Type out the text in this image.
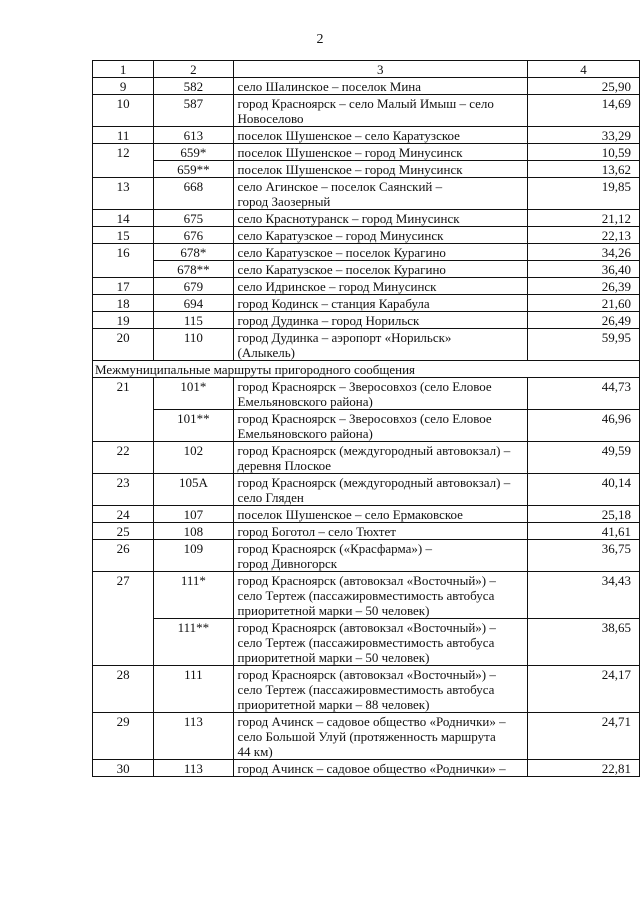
2
1	2	3	4
9	582	село Шалинское – поселок Мина	25,90
10	587	город Красноярск – село Малый Имыш – село
Новоселово	14,69
11	613	поселок Шушенское – село Каратузское	33,29
12	659*	поселок Шушенское – город Минусинск	10,59
	659**	поселок Шушенское – город Минусинск	13,62
13	668	село Агинское – поселок Саянский –
город Заозерный	19,85
14	675	село Краснотуранск – город Минусинск	21,12
15	676	село Каратузское – город Минусинск	22,13
16	678*	село Каратузское – поселок Курагино	34,26
	678**	село Каратузское – поселок Курагино	36,40
17	679	село Идринское – город Минусинск	26,39
18	694	город Кодинск – станция Карабула	21,60
19	115	город Дудинка – город Норильск	26,49
20	110	город Дудинка – аэропорт «Норильск»
(Алыкель)	59,95
Межмуниципальные маршруты пригородного сообщения			
21	101*	город Красноярск – Зверосовхоз (село Еловое
Емельяновского района)	44,73
	101**	город Красноярск – Зверосовхоз (село Еловое
Емельяновского района)	46,96
22	102	город Красноярск (междугородный автовокзал) –
деревня Плоское	49,59
23	105А	город Красноярск (междугородный автовокзал) –
село Гляден	40,14
24	107	поселок Шушенское – село Ермаковское	25,18
25	108	город Боготол – село Тюхтет	41,61
26	109	город Красноярск («Красфарма») –
город Дивногорск	36,75
27	111*	город Красноярск (автовокзал «Восточный») –
село Тертеж (пассажировместимость автобуса
приоритетной марки – 50 человек)	34,43
	111**	город Красноярск (автовокзал «Восточный») –
село Тертеж (пассажировместимость автобуса
приоритетной марки – 50 человек)	38,65
28	111	город Красноярск (автовокзал «Восточный») –
село Тертеж (пассажировместимость автобуса
приоритетной марки – 88 человек)	24,17
29	113	город Ачинск – садовое общество «Роднички» –
село Большой Улуй (протяженность маршрута
44 км)	24,71
30	113	город Ачинск – садовое общество «Роднички» –	22,81
